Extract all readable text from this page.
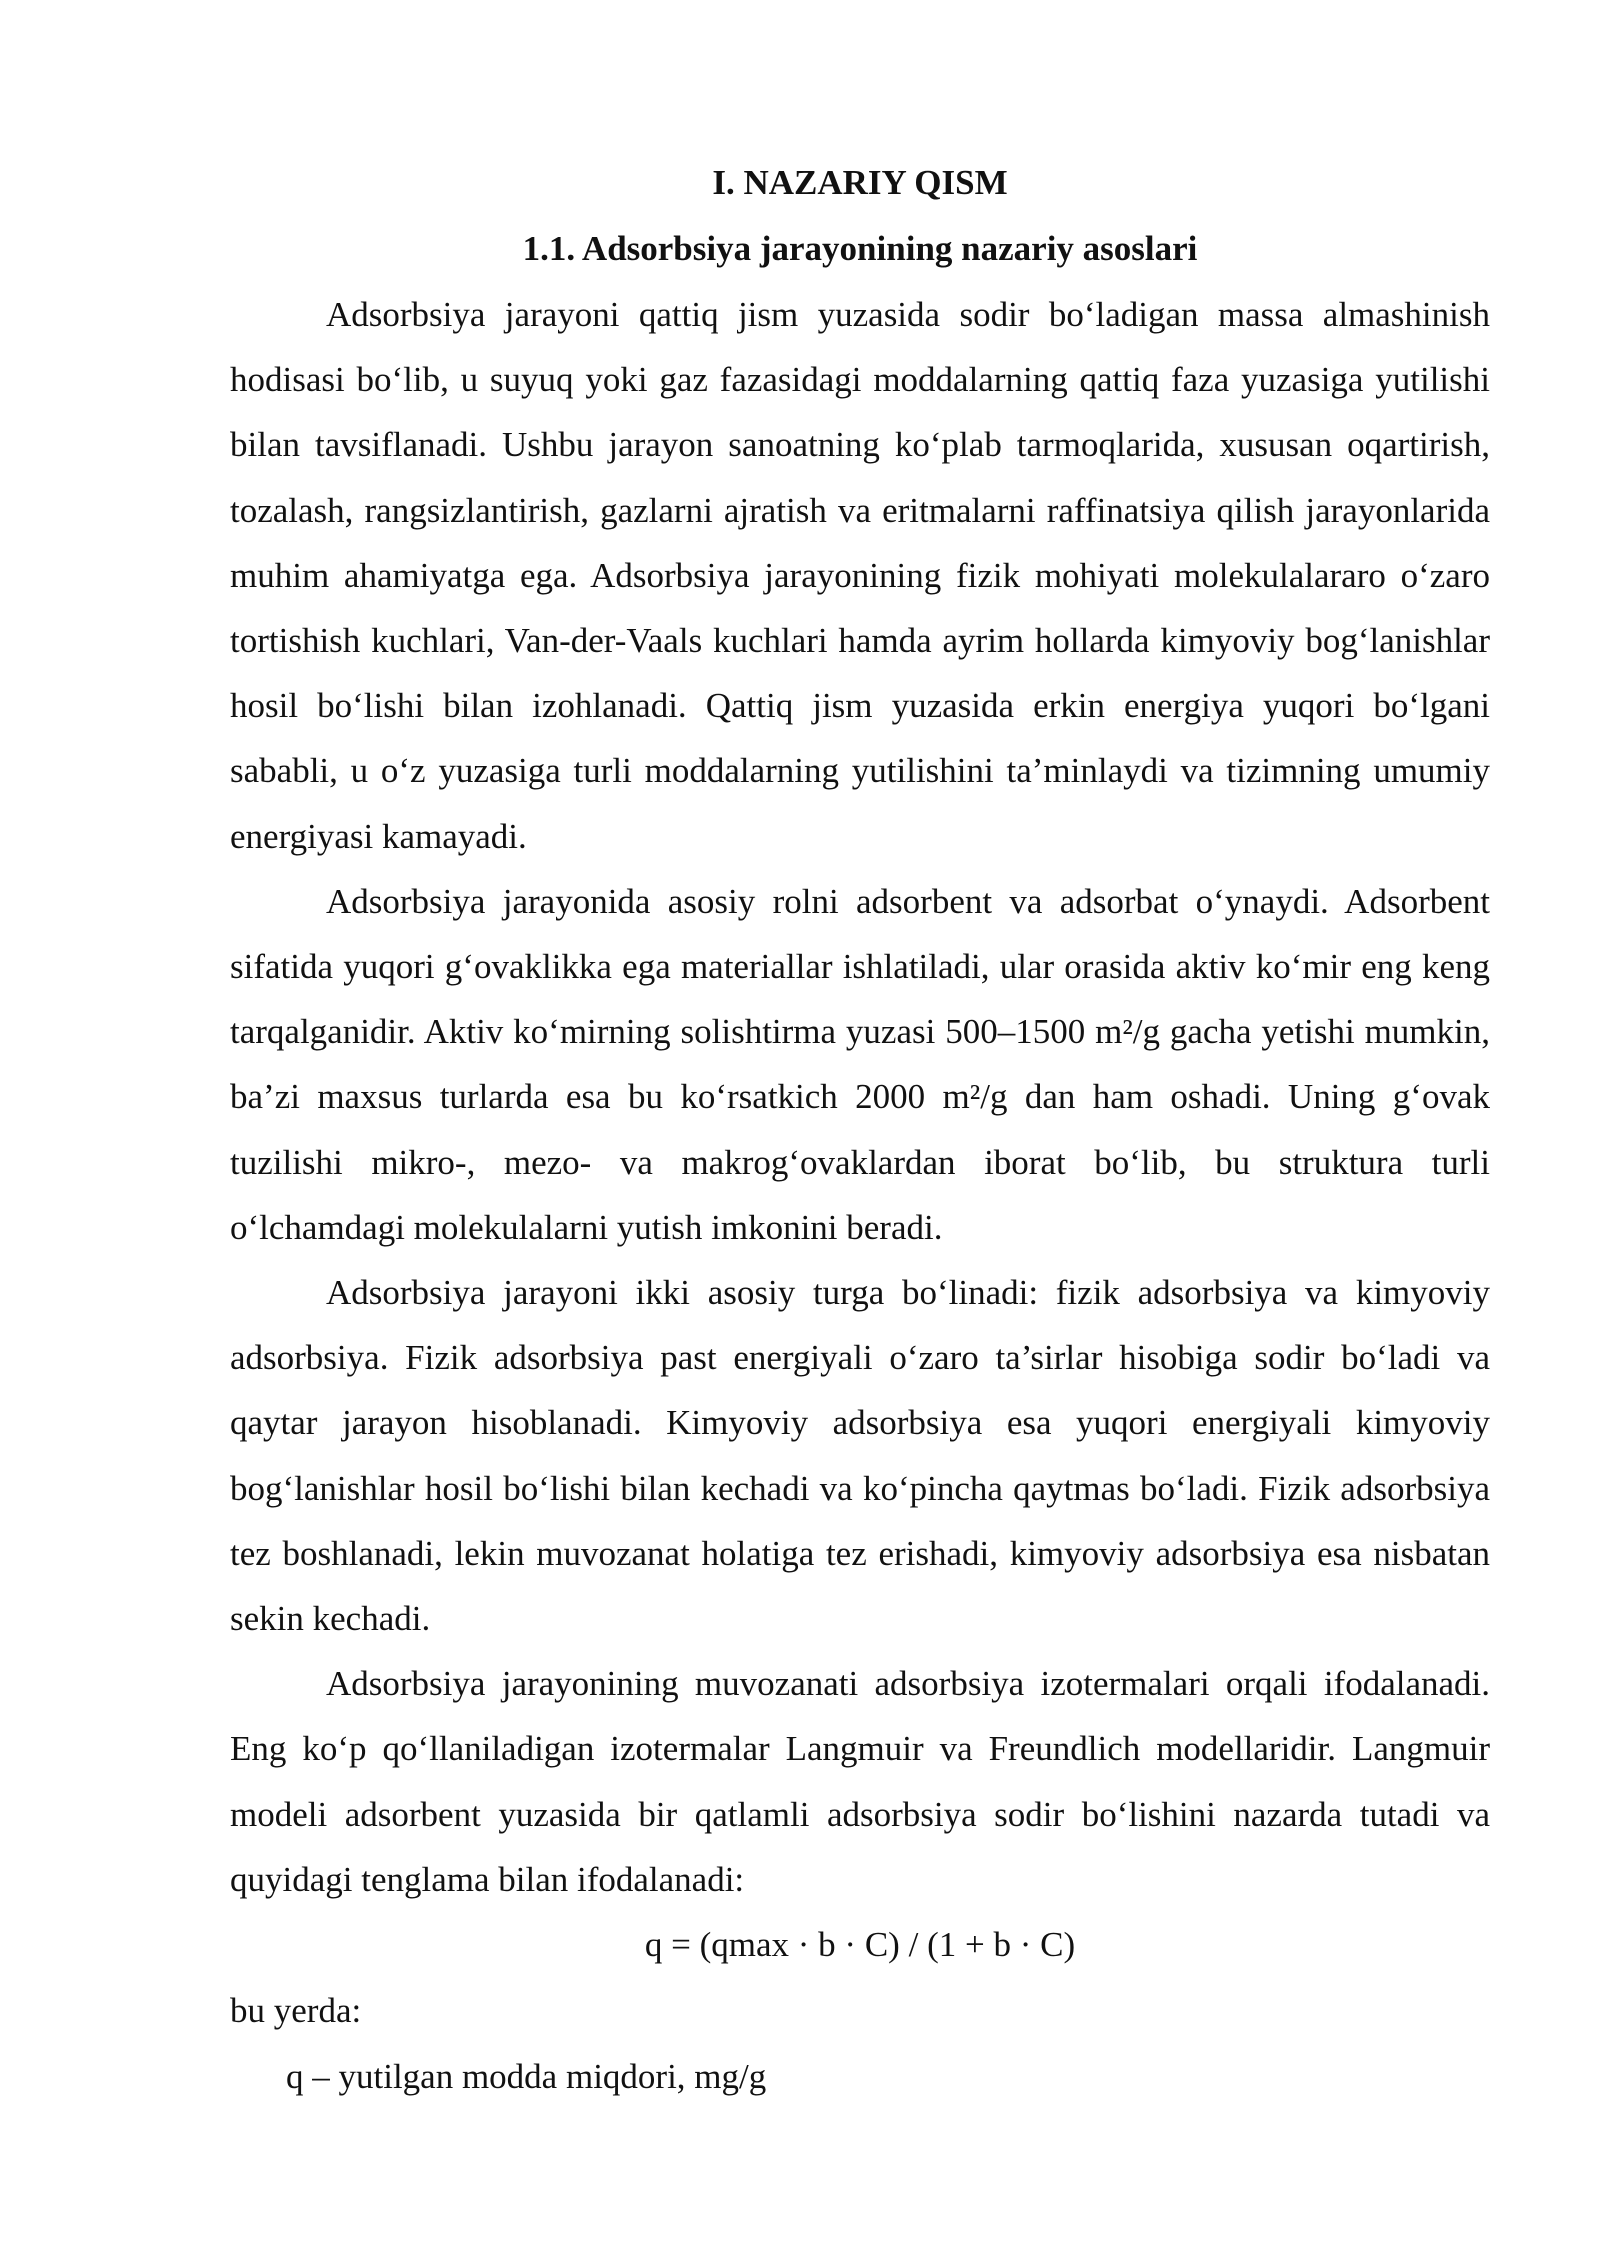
I. NAZARIY QISM
1.1. Adsorbsiya jarayonining nazariy asoslari

Adsorbsiya jarayoni qattiq jism yuzasida sodir bo‘ladigan massa almashinish hodisasi bo‘lib, u suyuq yoki gaz fazasidagi moddalarning qattiq faza yuzasiga yutilishi bilan tavsiflanadi. Ushbu jarayon sanoatning ko‘plab tarmoqlarida, xususan oqartirish, tozalash, rangsizlantirish, gazlarni ajratish va eritmalarni raffinatsiya qilish jarayonlarida muhim ahamiyatga ega. Adsorbsiya jarayonining fizik mohiyati molekulalararo o‘zaro tortishish kuchlari, Van-der-Vaals kuchlari hamda ayrim hollarda kimyoviy bog‘lanishlar hosil bo‘lishi bilan izohlanadi. Qattiq jism yuzasida erkin energiya yuqori bo‘lgani sababli, u o‘z yuzasiga turli moddalarning yutilishini ta’minlaydi va tizimning umumiy energiyasi kamayadi.

Adsorbsiya jarayonida asosiy rolni adsorbent va adsorbat o‘ynaydi. Adsorbent sifatida yuqori g‘ovaklikka ega materiallar ishlatiladi, ular orasida aktiv ko‘mir eng keng tarqalganidir. Aktiv ko‘mirning solishtirma yuzasi 500–1500 m²/g gacha yetishi mumkin, ba’zi maxsus turlarda esa bu ko‘rsatkich 2000 m²/g dan ham oshadi. Uning g‘ovak tuzilishi mikro-, mezo- va makrog‘ovaklardan iborat bo‘lib, bu struktura turli o‘lchamdagi molekulalarni yutish imkonini beradi.

Adsorbsiya jarayoni ikki asosiy turga bo‘linadi: fizik adsorbsiya va kimyoviy adsorbsiya. Fizik adsorbsiya past energiyali o‘zaro ta’sirlar hisobiga sodir bo‘ladi va qaytar jarayon hisoblanadi. Kimyoviy adsorbsiya esa yuqori energiyali kimyoviy bog‘lanishlar hosil bo‘lishi bilan kechadi va ko‘pincha qaytmas bo‘ladi. Fizik adsorbsiya tez boshlanadi, lekin muvozanat holatiga tez erishadi, kimyoviy adsorbsiya esa nisbatan sekin kechadi.

Adsorbsiya jarayonining muvozanati adsorbsiya izotermalari orqali ifodalanadi. Eng ko‘p qo‘llaniladigan izotermalar Langmuir va Freundlich modellaridir. Langmuir modeli adsorbent yuzasida bir qatlamli adsorbsiya sodir bo‘lishini nazarda tutadi va quyidagi tenglama bilan ifodalanadi:

q = (qmax · b · C) / (1 + b · C)

bu yerda:

q – yutilgan modda miqdori, mg/g
